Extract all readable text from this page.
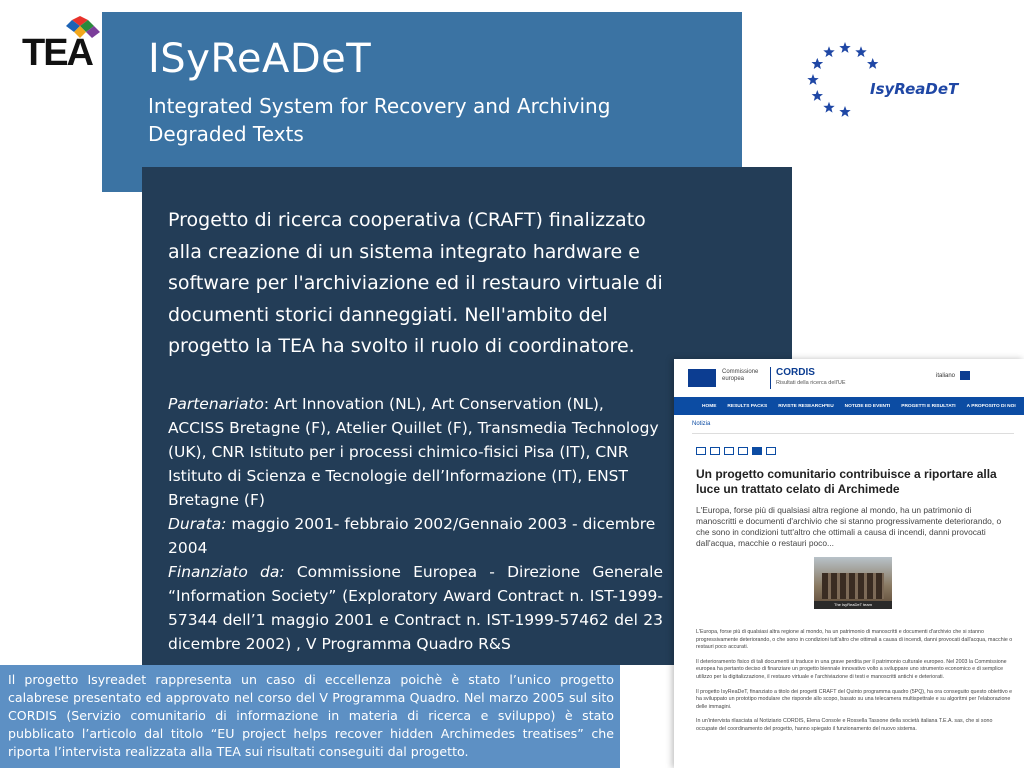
TEA ISyReADeT
Integrated System for Recovery and Archiving Degraded Texts
IsyReaDeT
Progetto di ricerca cooperativa (CRAFT) finalizzato alla creazione di un sistema integrato hardware e software per l'archiviazione ed il restauro virtuale di documenti storici danneggiati. Nell'ambito del progetto la TEA ha svolto il ruolo di coordinatore.

Partenariato: Art Innovation (NL), Art Conservation (NL), ACCISS Bretagne (F), Atelier Quillet (F), Transmedia Technology (UK), CNR Istituto per i processi chimico-fisici Pisa (IT), CNR Istituto di Scienza e Tecnologie dell’Informazione (IT), ENST Bretagne (F)

Durata: maggio 2001- febbraio 2002/Gennaio 2003 - dicembre 2004

Finanziato da: Commissione Europea - Direzione Generale “Information Society” (Exploratory Award Contract n. IST-1999-57344 dell’1 maggio 2001 e Contract n. IST-1999-57462 del 23 dicembre 2002) , V Programma Quadro R&S

Commissione
europea
CORDIS
Risultati della ricerca dell'UE
italiano
HOME RESULTS PACKS RIVISTE RESEARCH*EU NOTIZIE ED EVENTI PROGETTI E RISULTATI A PROPOSITO DI NOI
Notizia
Un progetto comunitario contribuisce a riportare alla luce un trattato celato di Archimede
L'Europa, forse più di qualsiasi altra regione al mondo, ha un patrimonio di manoscritti e documenti d'archivio che si stanno progressivamente deteriorando, o che sono in condizioni tutt'altro che ottimali a causa di incendi, danni provocati dall'acqua, macchie o restauri poco...
The IsyReaDeT team

L'Europa, forse più di qualsiasi altra regione al mondo, ha un patrimonio di manoscritti e documenti d'archivio che si stanno progressivamente deteriorando, o che sono in condizioni tutt'altro che ottimali a causa di incendi, danni provocati dall'acqua, macchie o restauri poco accurati.

Il deterioramento fisico di tali documenti si traduce in una grave perdita per il patrimonio culturale europeo. Nel 2003 la Commissione europea ha pertanto deciso di finanziare un progetto biennale innovativo volto a sviluppare uno strumento economico e di semplice utilizzo per la digitalizzazione, il restauro virtuale e l'archiviazione di testi e manoscritti antichi e deteriorati.

Il progetto IsyReaDeT, finanziato a titolo dei progetti CRAFT del Quinto programma quadro (5PQ), ha ora conseguito questo obiettivo e ha sviluppato un prototipo modulare che risponde allo scopo, basato su una telecamera multispettrale e su algoritmi per l'elaborazione delle immagini.

In un'intervista rilasciata al Notiziario CORDIS, Elena Console e Rossella Tassone della società italiana T.E.A. sas, che si sono occupate del coordinamento del progetto, hanno spiegato il funzionamento del nuovo sistema.

Il progetto Isyreadet rappresenta un caso di eccellenza poichè è stato l’unico progetto calabrese presentato ed approvato nel corso del V Programma Quadro. Nel marzo 2005 sul sito CORDIS (Servizio comunitario di informazione in materia di ricerca e sviluppo) è stato pubblicato l’articolo dal titolo “EU project helps recover hidden Archimedes treatises” che riporta l’intervista realizzata alla TEA sui risultati conseguiti dal progetto.
